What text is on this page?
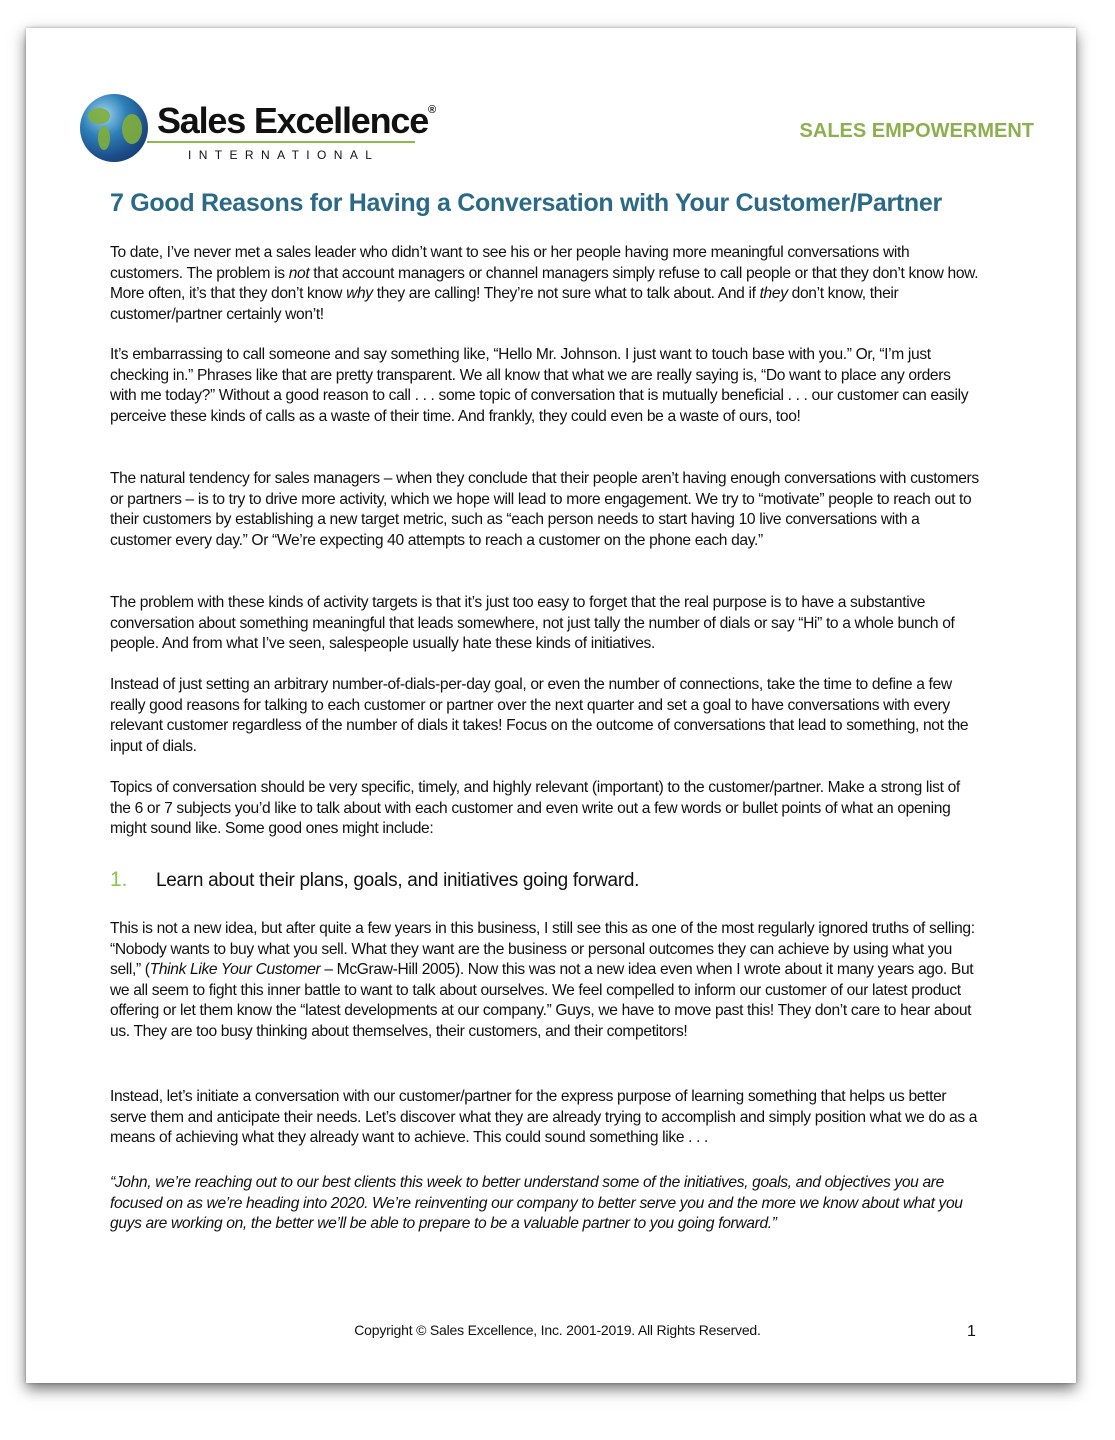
Sales Excellence®
INTERNATIONAL
SALES EMPOWERMENT
7 Good Reasons for Having a Conversation with Your Customer/Partner
To date, I’ve never met a sales leader who didn’t want to see his or her people having more meaningful conversations with customers. The problem is not that account managers or channel managers simply refuse to call people or that they don’t know how. More often, it’s that they don’t know why they are calling! They’re not sure what to talk about. And if they don’t know, their customer/partner certainly won’t!
It’s embarrassing to call someone and say something like, “Hello Mr. Johnson. I just want to touch base with you.” Or, “I’m just checking in.” Phrases like that are pretty transparent. We all know that what we are really saying is, “Do want to place any orders with me today?” Without a good reason to call . . . some topic of conversation that is mutually beneficial . . . our customer can easily perceive these kinds of calls as a waste of their time. And frankly, they could even be a waste of ours, too!
The natural tendency for sales managers – when they conclude that their people aren’t having enough conversations with customers or partners – is to try to drive more activity, which we hope will lead to more engagement. We try to “motivate” people to reach out to their customers by establishing a new target metric, such as “each person needs to start having 10 live conversations with a customer every day.” Or “We’re expecting 40 attempts to reach a customer on the phone each day.”
The problem with these kinds of activity targets is that it’s just too easy to forget that the real purpose is to have a substantive conversation about something meaningful that leads somewhere, not just tally the number of dials or say “Hi” to a whole bunch of people. And from what I’ve seen, salespeople usually hate these kinds of initiatives.
Instead of just setting an arbitrary number-of-dials-per-day goal, or even the number of connections, take the time to define a few really good reasons for talking to each customer or partner over the next quarter and set a goal to have conversations with every relevant customer regardless of the number of dials it takes! Focus on the outcome of conversations that lead to something, not the input of dials.
Topics of conversation should be very specific, timely, and highly relevant (important) to the customer/partner. Make a strong list of the 6 or 7 subjects you’d like to talk about with each customer and even write out a few words or bullet points of what an opening might sound like. Some good ones might include:
1. Learn about their plans, goals, and initiatives going forward.
This is not a new idea, but after quite a few years in this business, I still see this as one of the most regularly ignored truths of selling: “Nobody wants to buy what you sell. What they want are the business or personal outcomes they can achieve by using what you sell,” (Think Like Your Customer – McGraw-Hill 2005). Now this was not a new idea even when I wrote about it many years ago. But we all seem to fight this inner battle to want to talk about ourselves. We feel compelled to inform our customer of our latest product offering or let them know the “latest developments at our company.” Guys, we have to move past this! They don’t care to hear about us. They are too busy thinking about themselves, their customers, and their competitors!
Instead, let’s initiate a conversation with our customer/partner for the express purpose of learning something that helps us better serve them and anticipate their needs. Let’s discover what they are already trying to accomplish and simply position what we do as a means of achieving what they already want to achieve. This could sound something like . . .
“John, we’re reaching out to our best clients this week to better understand some of the initiatives, goals, and objectives you are focused on as we’re heading into 2020. We’re reinventing our company to better serve you and the more we know about what you guys are working on, the better we’ll be able to prepare to be a valuable partner to you going forward.”
Copyright © Sales Excellence, Inc. 2001-2019. All Rights Reserved.	1
